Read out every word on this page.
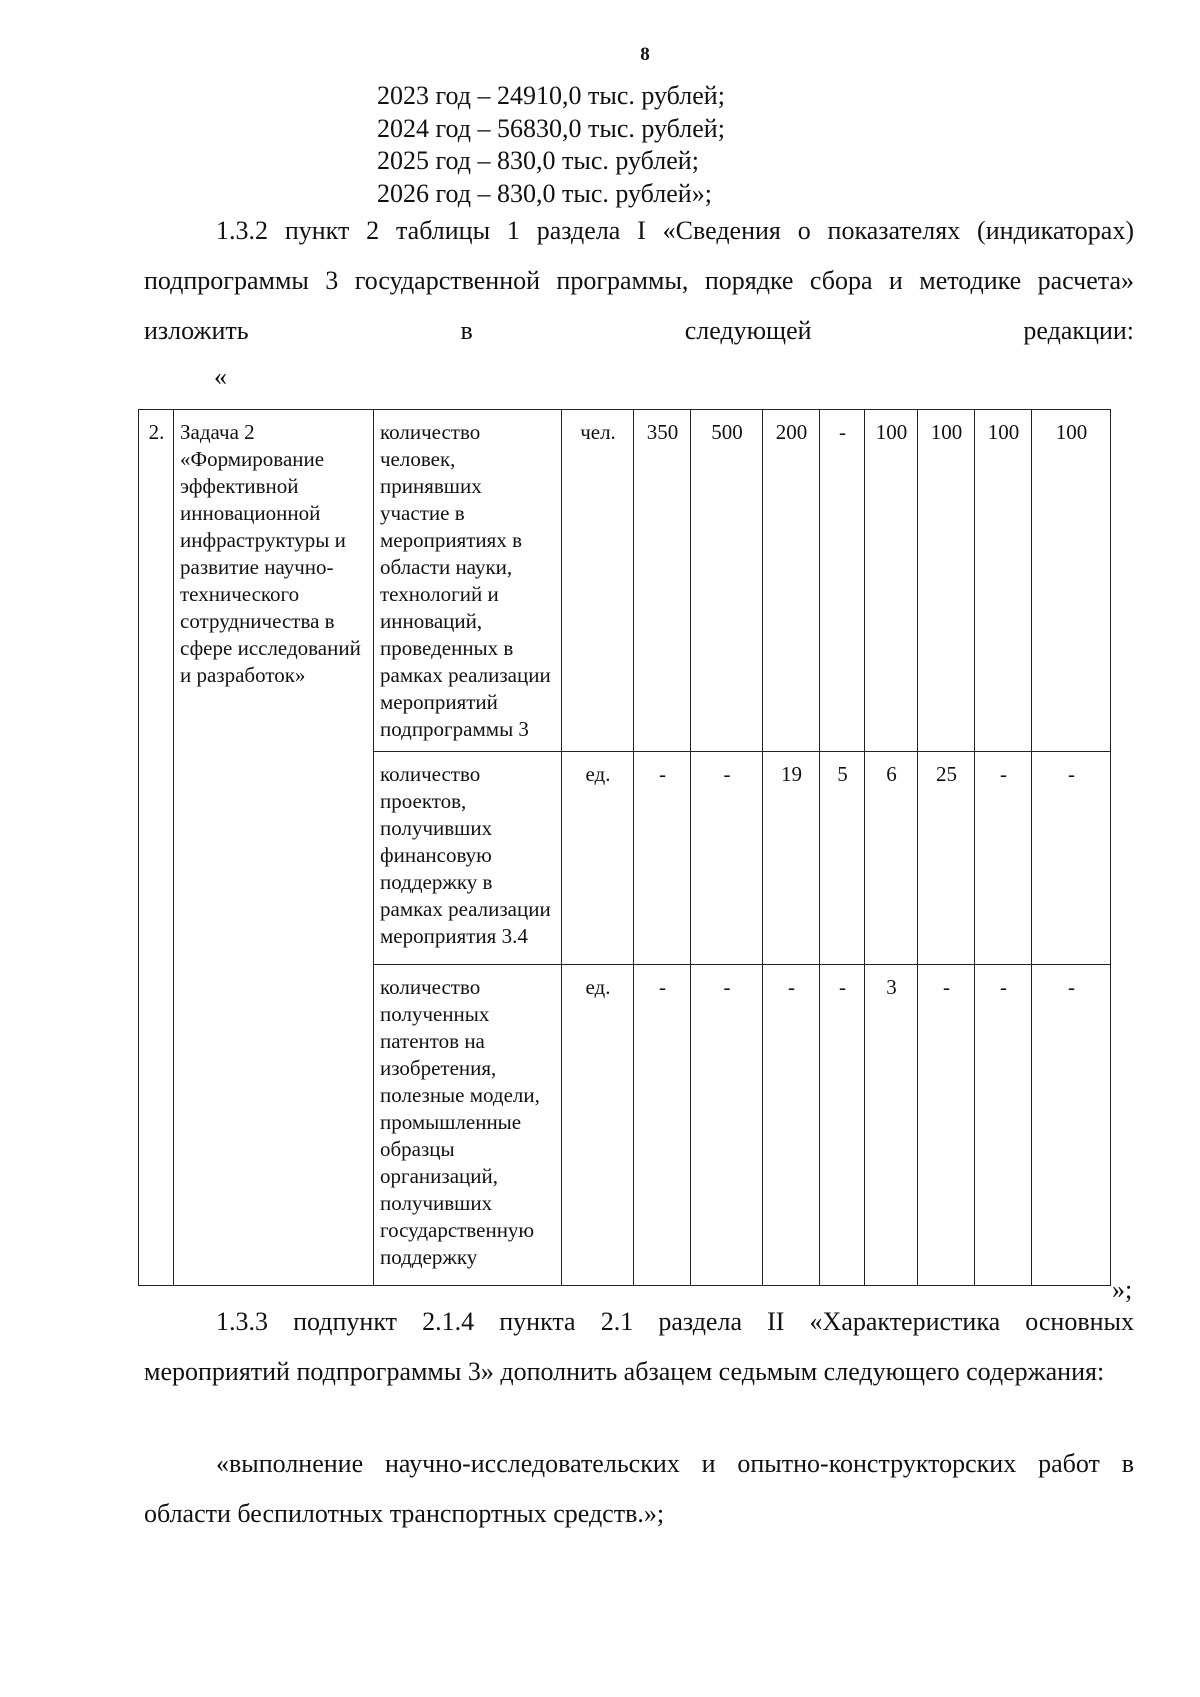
8
2023 год – 24910,0 тыс. рублей;
2024 год – 56830,0 тыс. рублей;
2025 год – 830,0 тыс. рублей;
2026 год – 830,0 тыс. рублей»;

1.3.2 пункт 2 таблицы 1 раздела I «Сведения о показателях (индикаторах) подпрограммы 3 государственной программы, порядке сбора и методике расчета» изложить в следующей редакции:

«
2.	Задача 2 «Формирование эффективной инновационной инфраструктуры и развитие научно-технического сотрудничества в сфере исследований и разработок»	количество человек, принявших участие в мероприятиях в области науки, технологий и инноваций, проведенных в рамках реализации мероприятий подпрограммы 3	чел.	350	500	200	-	100	100	100	100
		количество проектов, получивших финансовую поддержку в рамках реализации мероприятия 3.4	ед.	-	-	19	5	6	25	-	-
		количество полученных патентов на изобретения, полезные модели, промышленные образцы организаций, получивших государственную поддержку	ед.	-	-	-	-	3	-	-	-
»;

1.3.3 подпункт 2.1.4 пункта 2.1 раздела II «Характеристика основных мероприятий подпрограммы 3» дополнить абзацем седьмым следующего содержания:

«выполнение научно-исследовательских и опытно-конструкторских работ в области беспилотных транспортных средств.»;
